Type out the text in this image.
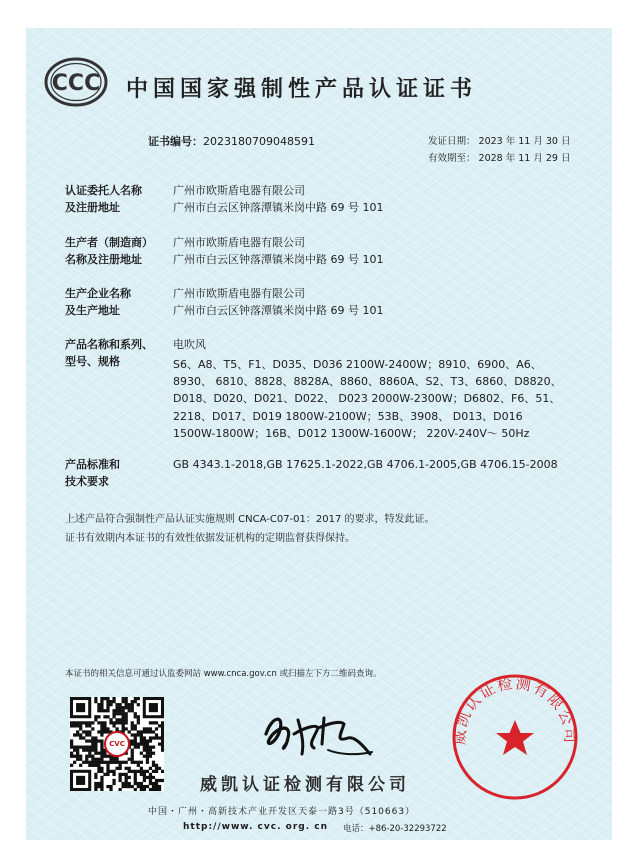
CCC 中国国家强制性产品认证证书
证书编号：2023180709048591	发证日期： 2023 年 11 月 30 日
有效期至： 2028 年 11 月 29 日
认证委托人名称
及注册地址
广州市欧斯盾电器有限公司
广州市白云区钟落潭镇米岗中路 69 号 101
生产者（制造商）
名称及注册地址
广州市欧斯盾电器有限公司
广州市白云区钟落潭镇米岗中路 69 号 101
生产企业名称
及生产地址
广州市欧斯盾电器有限公司
广州市白云区钟落潭镇米岗中路 69 号 101
产品名称和系列、
型号、规格
电吹风
S6、A8、T5、F1、D035、D036 2100W-2400W；8910、6900、A6、
8930、 6810、8828、8828A、8860、8860A、S2、T3、6860、D8820、
D018、D020、D021、D022、 D023 2000W-2300W；D6802、F6、51、
2218、D017、D019 1800W-2100W；53B、3908、 D013、D016
1500W-1800W；16B、D012 1300W-1600W； 220V-240V～ 50Hz
产品标准和
技术要求
GB 4343.1-2018,GB 17625.1-2022,GB 4706.1-2005,GB 4706.15-2008
上述产品符合强制性产品认证实施规则 CNCA-C07-01：2017 的要求，特发此证。
证书有效期内本证书的有效性依据发证机构的定期监督获得保持。
本证书的相关信息可通过认监委网站 www.cnca.gov.cn 或扫描左下方二维码查询。
CVC
威凯认证检测有限公司
中国・广州・高新技术产业开发区天泰一路3号（510663）
http://www. cvc. org. cn 电话：+86-20-32293722
威凯认证检测有限公司
